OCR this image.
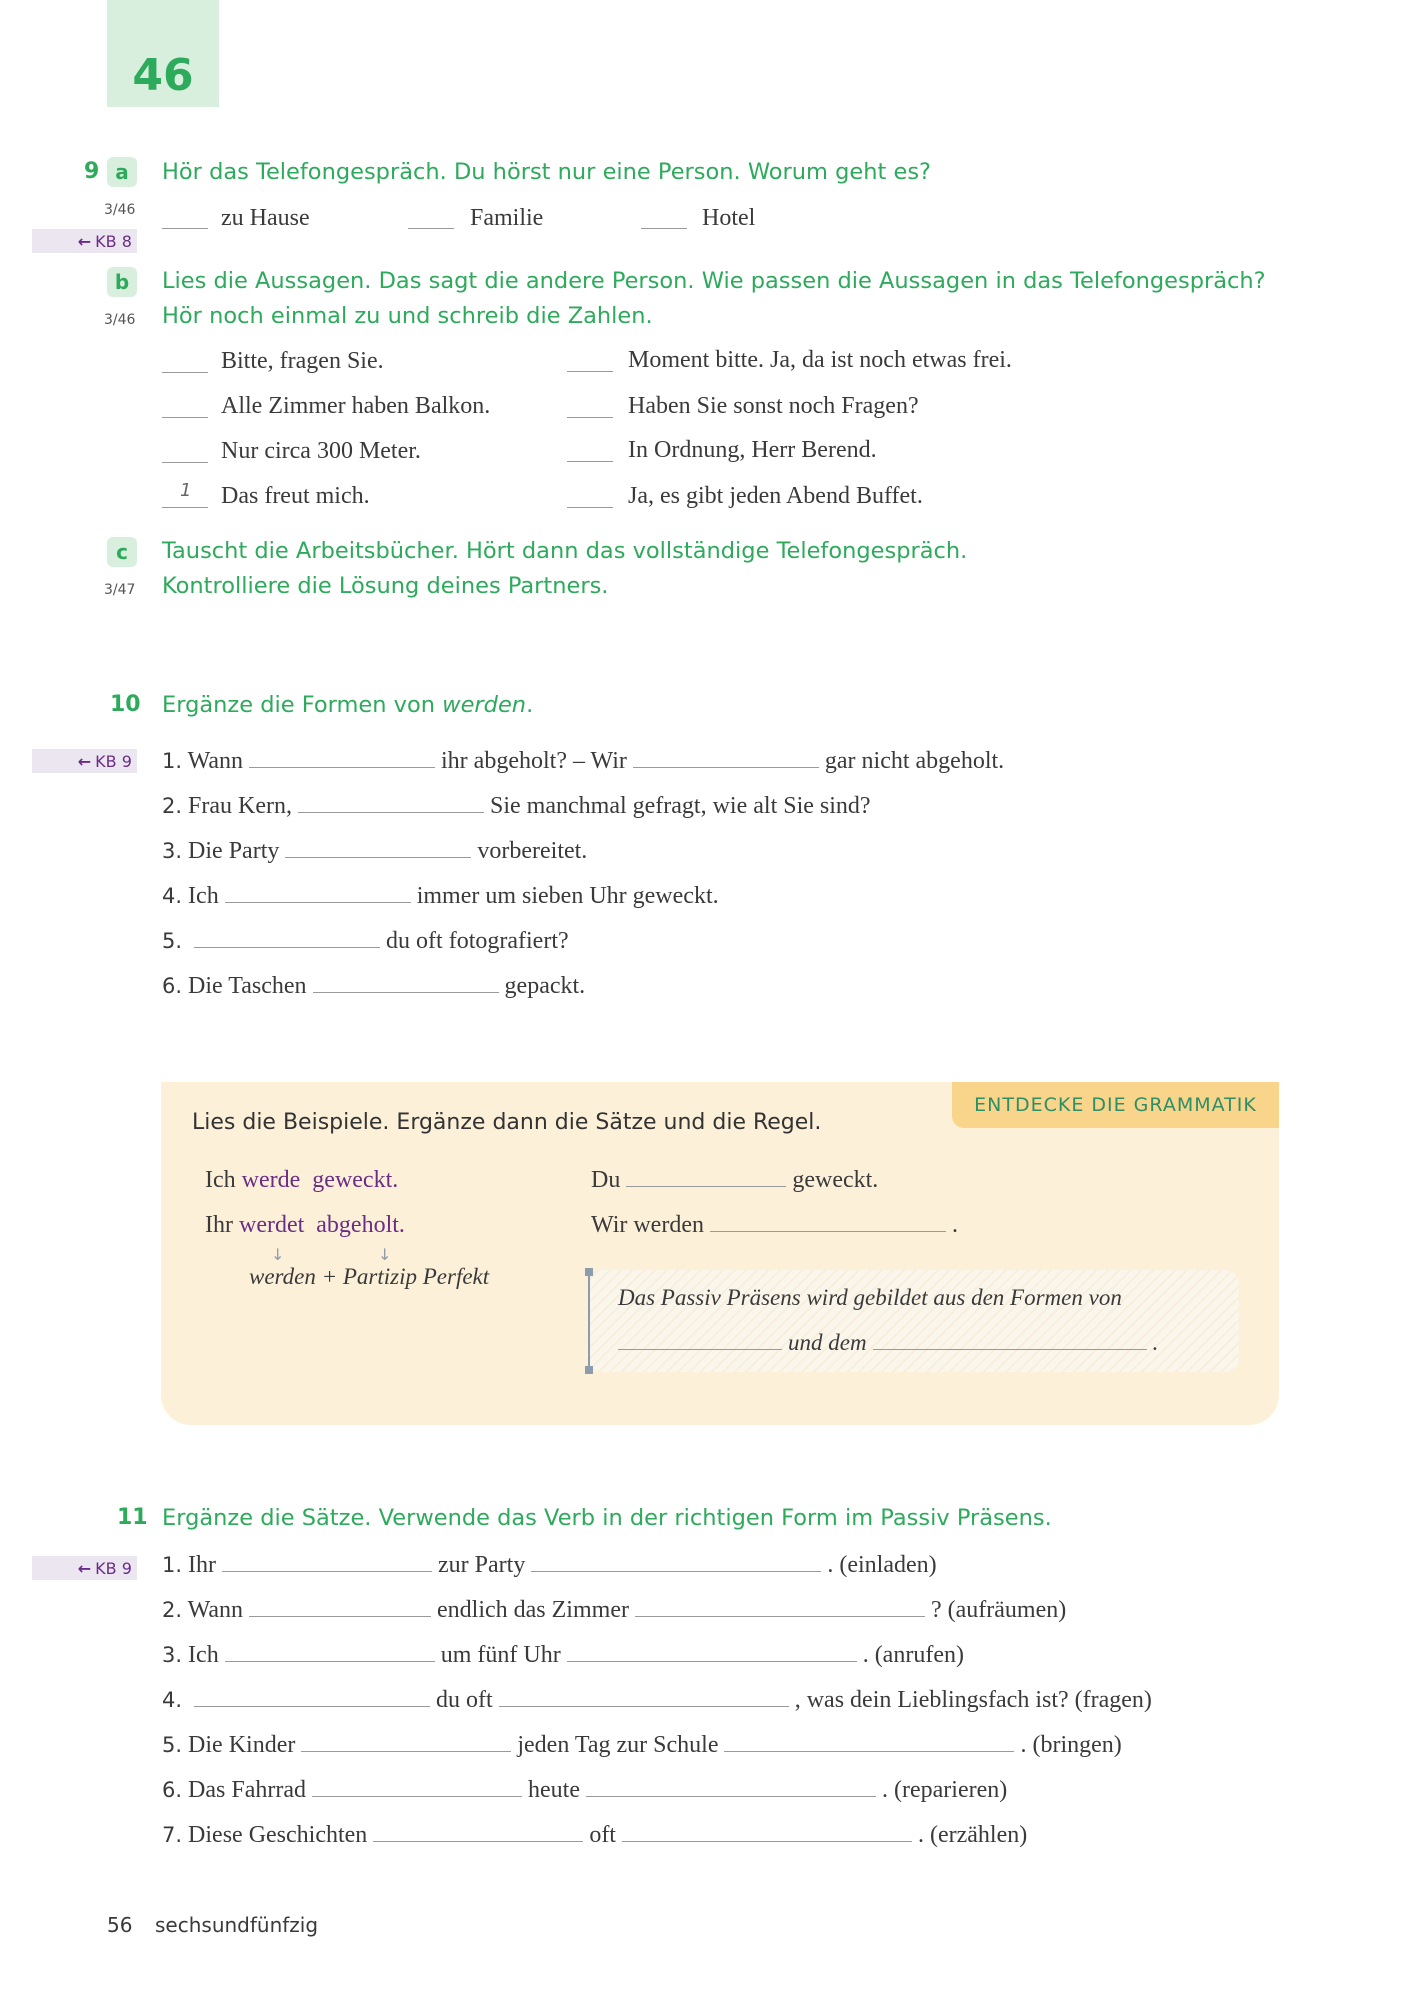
46
9 a	Hör das Telefongespräch. Du hörst nur eine Person. Worum geht es?
3/46
← KB 8

zu Hause	Familie	Hotel
b	Lies die Aussagen. Das sagt die andere Person. Wie passen die Aussagen in das Telefongespräch?
Hör noch einmal zu und schreib die Zahlen.
3/46
Bitte, fragen Sie.
Alle Zimmer haben Balkon.
Nur circa 300 Meter.
1 Das freut mich.
Moment bitte. Ja, da ist noch etwas frei.
Haben Sie sonst noch Fragen?
In Ordnung, Herr Berend.
Ja, es gibt jeden Abend Buffet.
c	Tauscht die Arbeitsbücher. Hört dann das vollständige Telefongespräch.
Kontrolliere die Lösung deines Partners.
3/47
10 Ergänze die Formen von werden.
← KB 9
1. Wann	ihr abgeholt? – Wir	gar nicht abgeholt.
2. Frau Kern,	Sie manchmal gefragt, wie alt Sie sind?
3. Die Party	vorbereitet.
4. Ich	immer um sieben Uhr geweckt.
5.	du oft fotografiert?
6. Die Taschen	gepackt.
ENTDECKE DIE GRAMMATIK
Lies die Beispiele. Ergänze dann die Sätze und die Regel.
Ich werde geweckt.
Ihr werdet abgeholt.
↓	↓
werden + Partizip Perfekt
Du	geweckt.
Wir werden	.
Das Passiv Präsens wird gebildet aus den Formen von
und dem	.
11 Ergänze die Sätze. Verwende das Verb in der richtigen Form im Passiv Präsens.
← KB 9
1. Ihr	zur Party	. (einladen)
2. Wann	endlich das Zimmer	? (aufräumen)
3. Ich	um fünf Uhr	. (anrufen)
4.	du oft	, was dein Lieblingsfach ist? (fragen)
5. Die Kinder	jeden Tag zur Schule	. (bringen)
6. Das Fahrrad	heute	. (reparieren)
7. Diese Geschichten	oft	. (erzählen)
56 sechsundfünfzig
